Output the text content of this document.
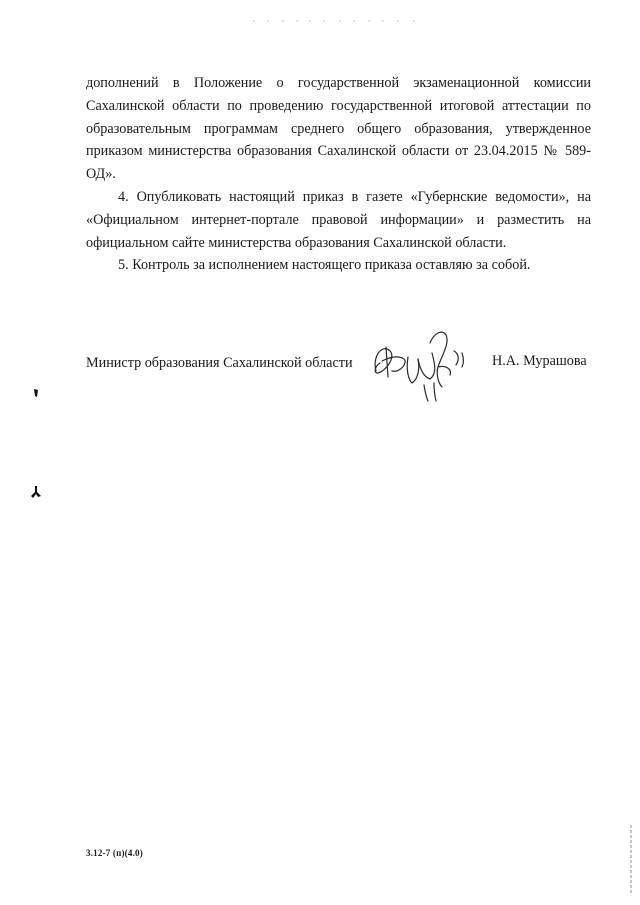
дополнений в Положение о государственной экзаменационной комиссии
Сахалинской области по проведению государственной итоговой аттестации по
образовательным программам среднего общего образования, утвержденное
приказом министерства образования Сахалинской области от 23.04.2015 № 589-
ОД».

4. Опубликовать настоящий приказ в газете «Губернские ведомости», на
«Официальном интернет-портале правовой информации» и разместить на
официальном сайте министерства образования Сахалинской области.

5. Контроль за исполнением настоящего приказа оставляю за собой.

Министр образования Сахалинской области	Н.А. Мурашова
3.12-7 (п)(4.0)
